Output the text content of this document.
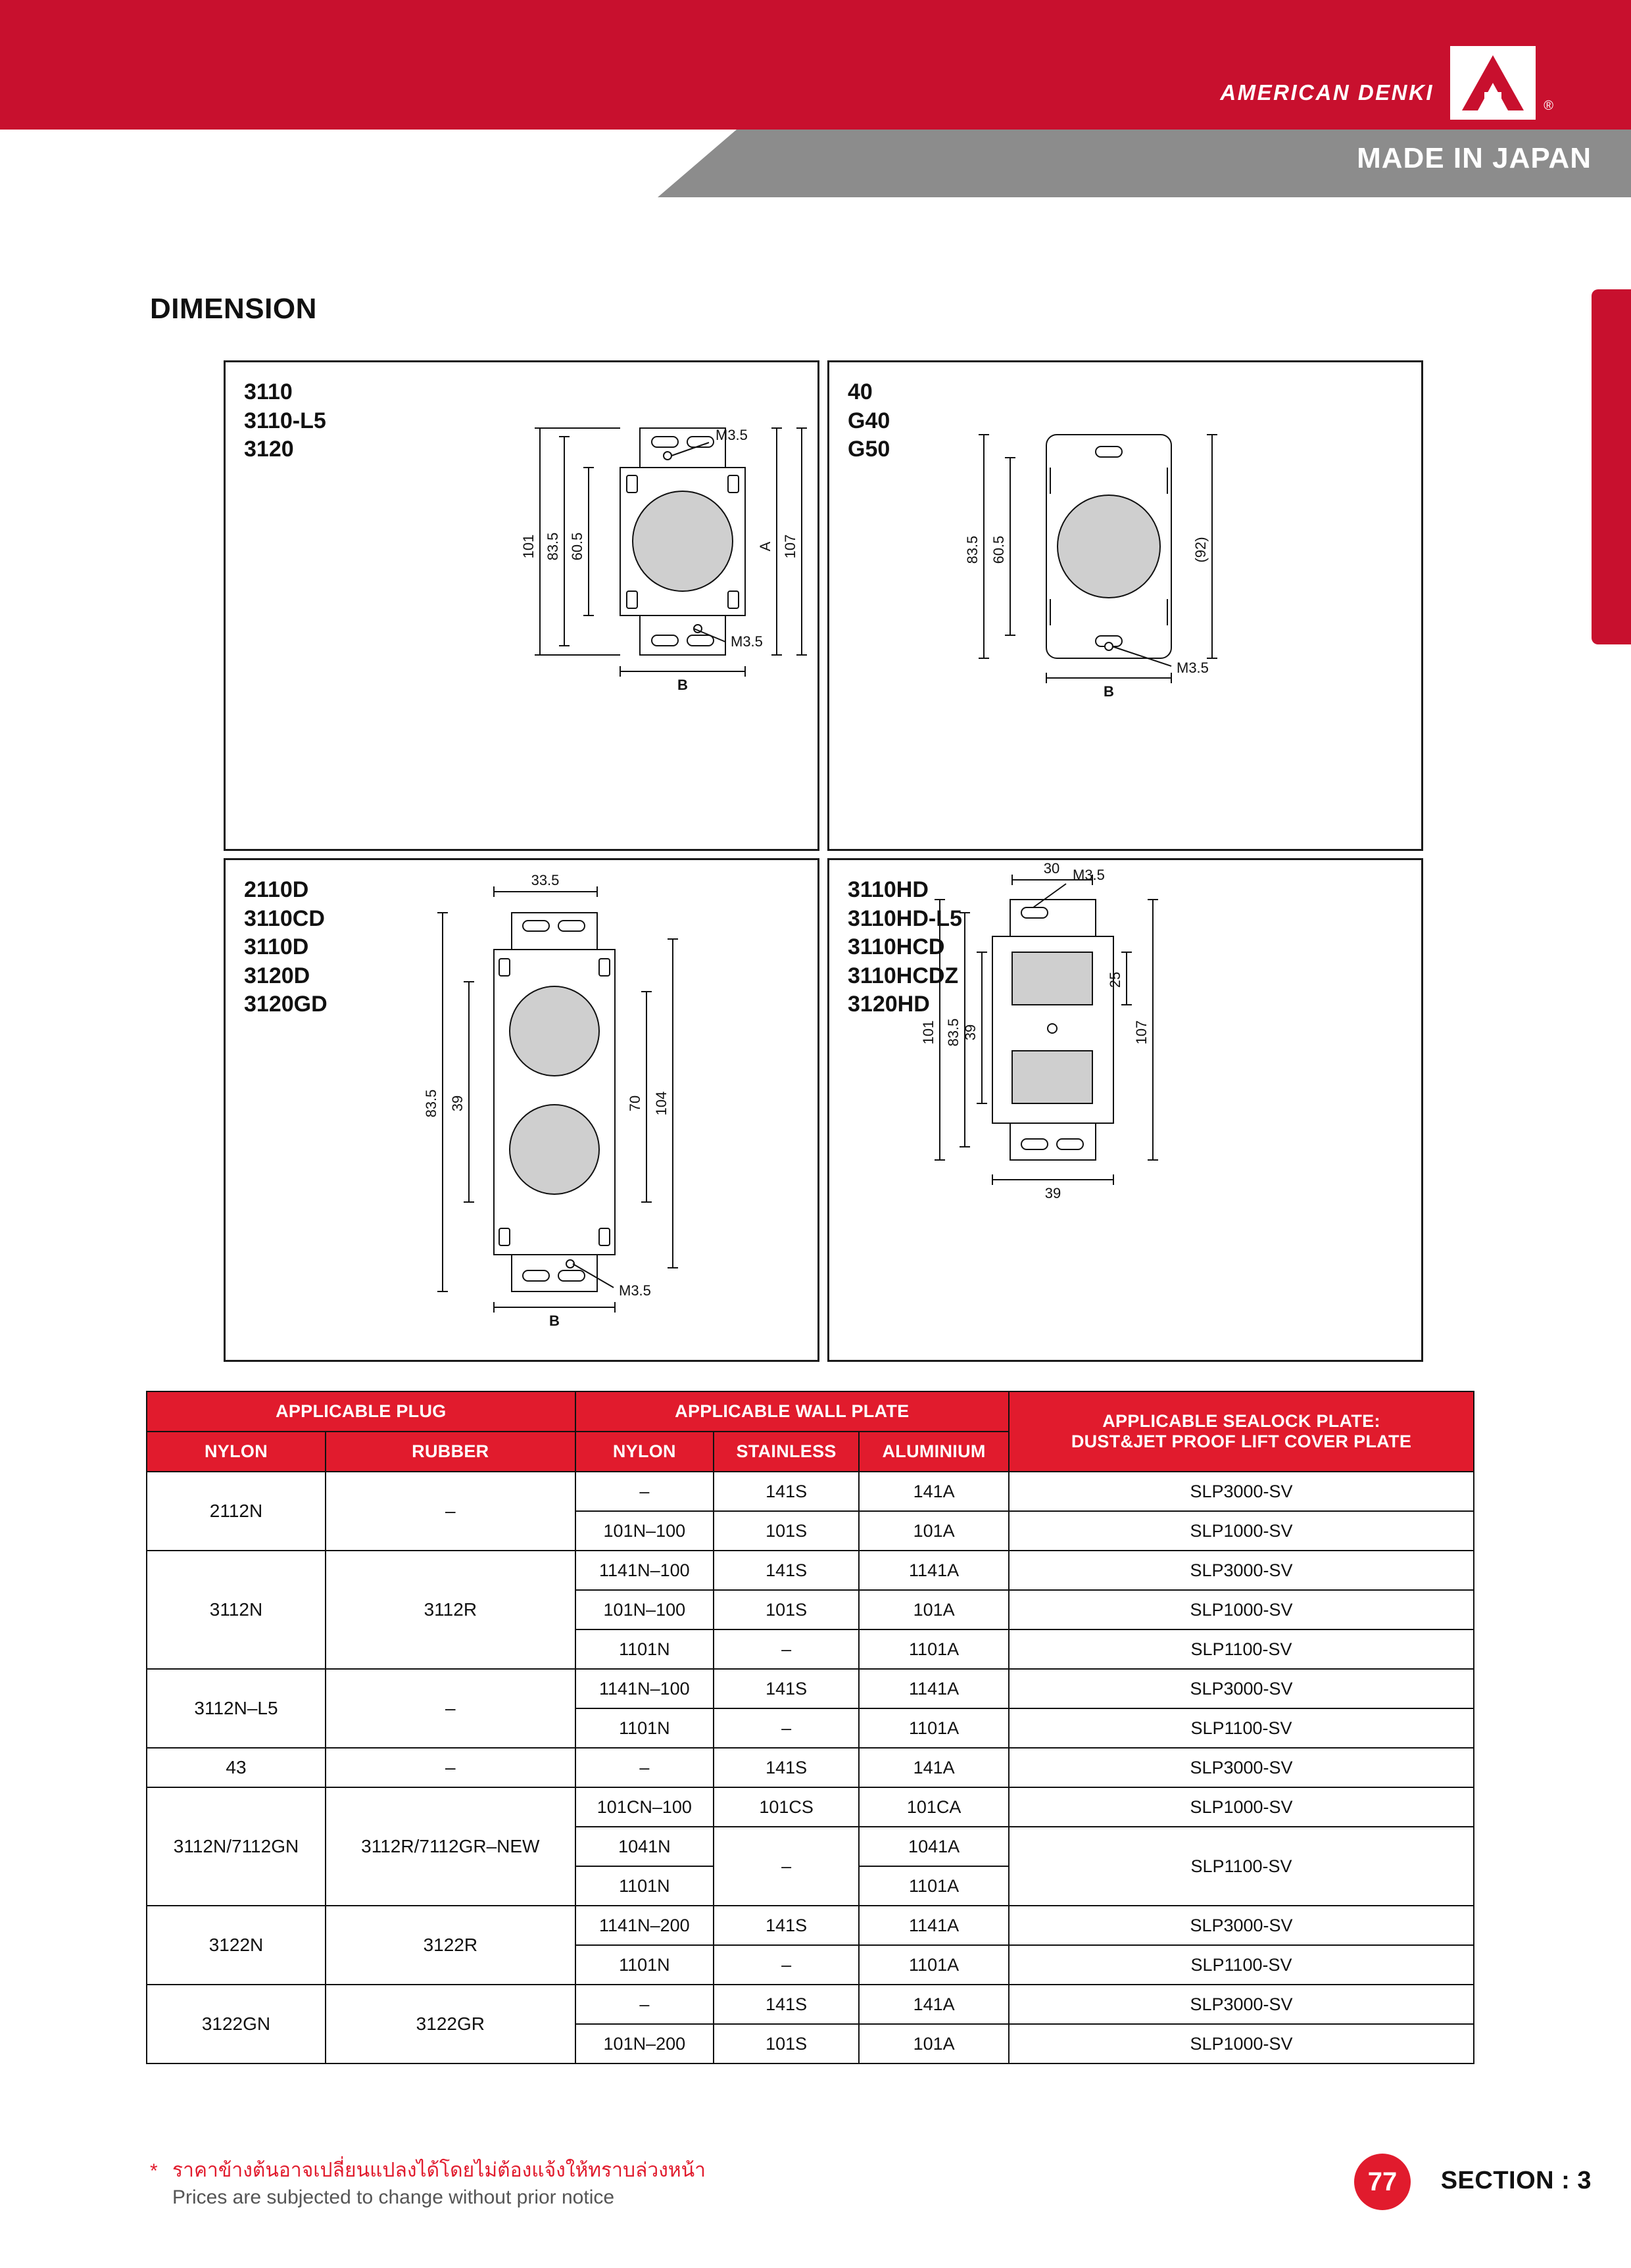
AMERICAN DENKI
®
MADE IN JAPAN
DIMENSION
3110
3110-L5
3120
101 83.5 60.5	A 107
B
M3.5
M3.5
40
G40
G50
83.5 60.5	(92)
B
M3.5
2110D
3110CD
3110D
3120D
3120GD
33.5
83.5 39	70 104
B
M3.5
3110HD
3110HD-L5
3110HCD
3110HCDZ
3120HD
30 M3.5
101 83.5 39
25
107
39
APPLICABLE PLUG		APPLICABLE WALL PLATE			APPLICABLE SEALOCK PLATE:
DUST&JET PROOF LIFT COVER PLATE

NYLON	RUBBER	NYLON	STAINLESS	ALUMINIUM	
2112N	–	–	141S	141A	SLP3000-SV
		101N–100	101S	101A	SLP1000-SV
3112N	3112R	1141N–100	141S	1141A	SLP3000-SV
		101N–100	101S	101A	SLP1000-SV
		1101N	–	1101A	SLP1100-SV
3112N–L5	–	1141N–100	141S	1141A	SLP3000-SV
		1101N	–	1101A	SLP1100-SV
43	–	–	141S	141A	SLP3000-SV
3112N/7112GN	3112R/7112GR–NEW	101CN–100	101CS	101CA	SLP1000-SV
		1041N	–	1041A	SLP1100-SV
		1101N		1101A	
3122N	3122R	1141N–200	141S	1141A	SLP3000-SV
		1101N	–	1101A	SLP1100-SV
3122GN	3122GR	–	141S	141A	SLP3000-SV
		101N–200	101S	101A	SLP1000-SV
* ราคาข้างต้นอาจเปลี่ยนแปลงได้โดยไม่ต้องแจ้งให้ทราบล่วงหน้า
Prices are subjected to change without prior notice
77	SECTION : 3
